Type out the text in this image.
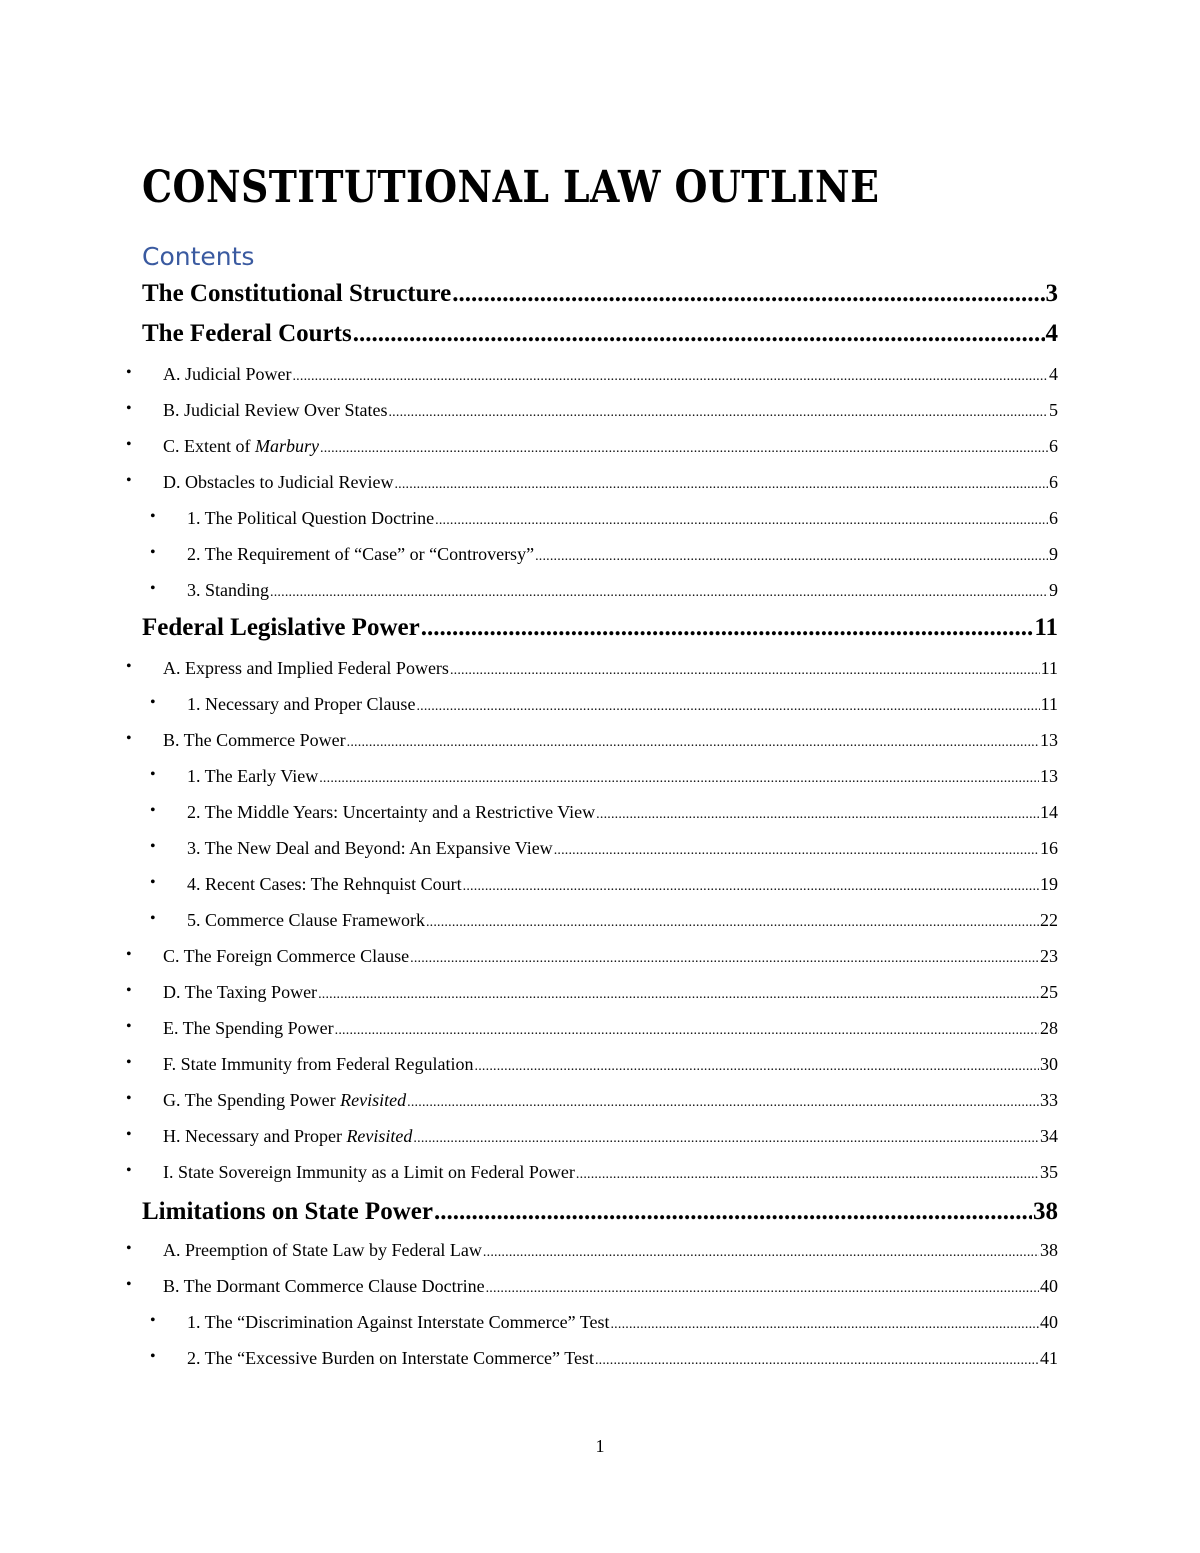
CONSTITUTIONAL LAW OUTLINE
Contents
The Constitutional Structure .....	3
The Federal Courts .....	4
• A. Judicial Power .....	4
• B. Judicial Review Over States .....	5
• C. Extent of Marbury .....	6
• D. Obstacles to Judicial Review .....	6
• 1. The Political Question Doctrine .....	6
• 2. The Requirement of “Case” or “Controversy” .....	9
• 3. Standing .....	9
Federal Legislative Power .....	11
• A. Express and Implied Federal Powers .....	11
• 1. Necessary and Proper Clause .....	11
• B. The Commerce Power .....	13
• 1. The Early View .....	13
• 2. The Middle Years: Uncertainty and a Restrictive View .....	14
• 3. The New Deal and Beyond: An Expansive View .....	16
• 4. Recent Cases: The Rehnquist Court .....	19
• 5. Commerce Clause Framework .....	22
• C. The Foreign Commerce Clause .....	23
• D. The Taxing Power .....	25
• E. The Spending Power .....	28
• F. State Immunity from Federal Regulation .....	30
• G. The Spending Power Revisited .....	33
• H. Necessary and Proper Revisited .....	34
• I. State Sovereign Immunity as a Limit on Federal Power .....	35
Limitations on State Power .....	38
• A. Preemption of State Law by Federal Law .....	38
• B. The Dormant Commerce Clause Doctrine .....	40
• 1. The “Discrimination Against Interstate Commerce” Test .....	40
• 2. The “Excessive Burden on Interstate Commerce” Test .....	41
1
